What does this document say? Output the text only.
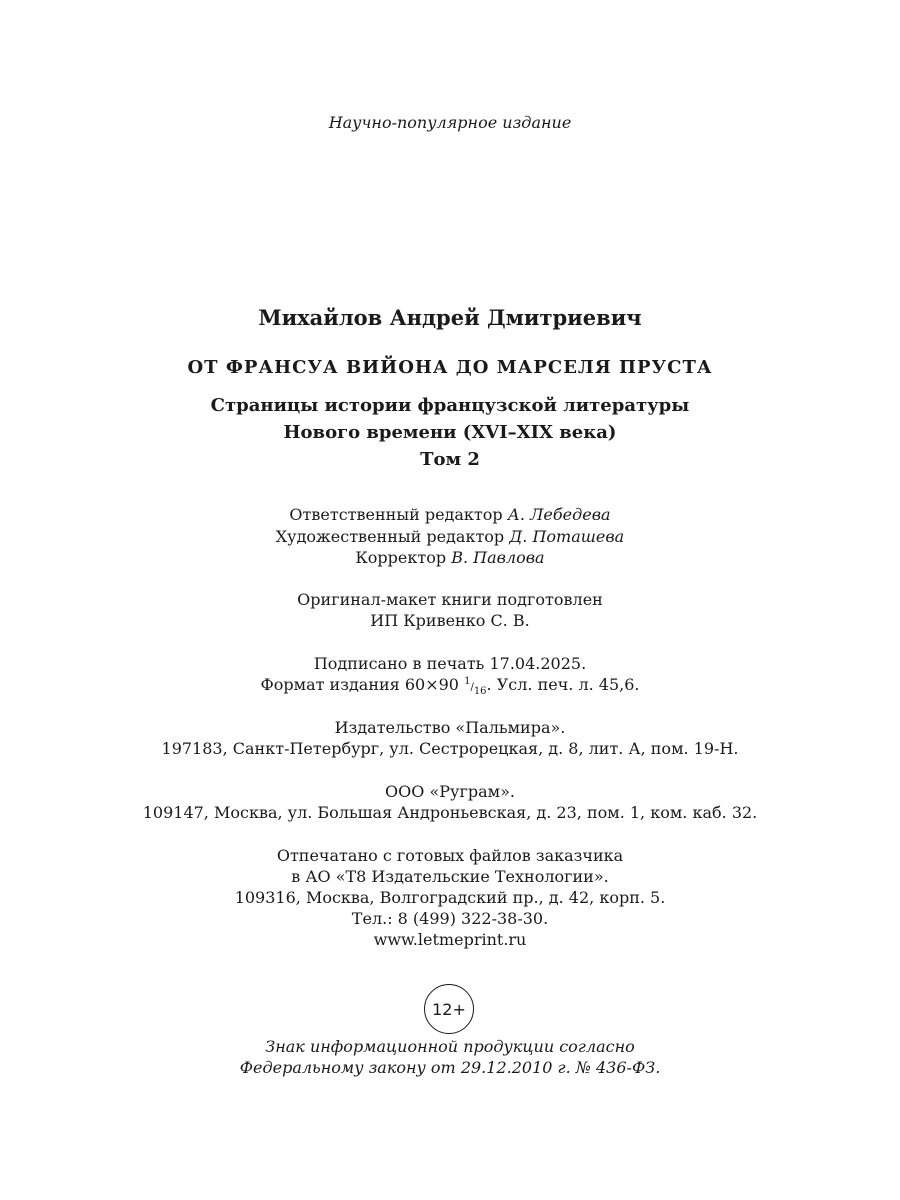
Научно-популярное издание
Михайлов Андрей Дмитриевич
ОТ ФРАНСУА ВИЙОНА ДО МАРСЕЛЯ ПРУСТА
Страницы истории французской литературы
Нового времени (XVI–XIX века)
Том 2
Ответственный редактор А. Лебедева
Художественный редактор Д. Поташева
Корректор В. Павлова
Оригинал-макет книги подготовлен
ИП Кривенко С. В.
Подписано в печать 17.04.2025.
Формат издания 60×90 1/16. Усл. печ. л. 45,6.
Издательство «Пальмира».
197183, Санкт-Петербург, ул. Сестрорецкая, д. 8, лит. А, пом. 19-Н.
ООО «Руграм».
109147, Москва, ул. Большая Андроньевская, д. 23, пом. 1, ком. каб. 32.
Отпечатано с готовых файлов заказчика
в АО «Т8 Издательские Технологии».
109316, Москва, Волгоградский пр., д. 42, корп. 5.
Тел.: 8 (499) 322-38-30.
www.letmeprint.ru
12+
Знак информационной продукции согласно
Федеральному закону от 29.12.2010 г. № 436-ФЗ.
